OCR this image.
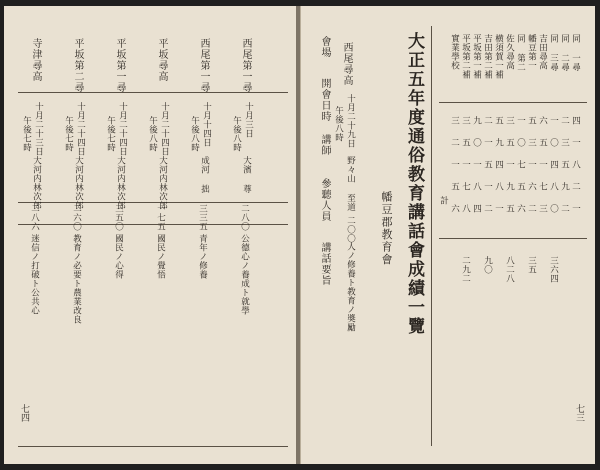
寺津尋高
十月二十三日
午後七時
大河内林次郎
二八六
迷信ノ打破ト公共心
平坂第二尋
十月二十四日
午後七時
大河内林次郎
二六〇
教育ノ必要ト農業改良
平坂第一尋
十月二十四日
午後七時
大河内林次郎
三五〇
國民ノ心得
平坂尋高
十月二十四日
午後八時
大河内林次郎
一七五
國民ノ覺悟
西尾第一尋
十月十四日
午後八時
成河 拙
三三五
青年ノ修養
西尾第一尋
十月三日
午後八時
大濱 尊
二八〇
公德心ノ養成ト就學
七四
大正五年度通俗教育講話會成績一覽
幡豆郡教育會
會場
開會日時
講師
參聽人員
講話要旨
西尾尋高
十月二十九日
午後八時
野々山 至道
二〇〇
人ノ修養ト教育ノ奬勵
同 一尋
四
一
八
二
一
同 二尋
二
三
五
九
二
同 三尋
一
〇
四
八
〇
吉田尋高
六
五
一
七
三
幡豆第一
五
三
一
六
二
同 第二
一
〇
七
五
六
佐久尋高
三
五
一
九
五
横須賀一補
五
九
四
八
一
吉田第二補
二
一
五
一
二
平坂第一補
九
〇
一
八
四
平坂第二補
三
五
一
七
八
實業學校
三
二
一
五
六
計
二九二 九〇 八二八 三五 三六四
七三
